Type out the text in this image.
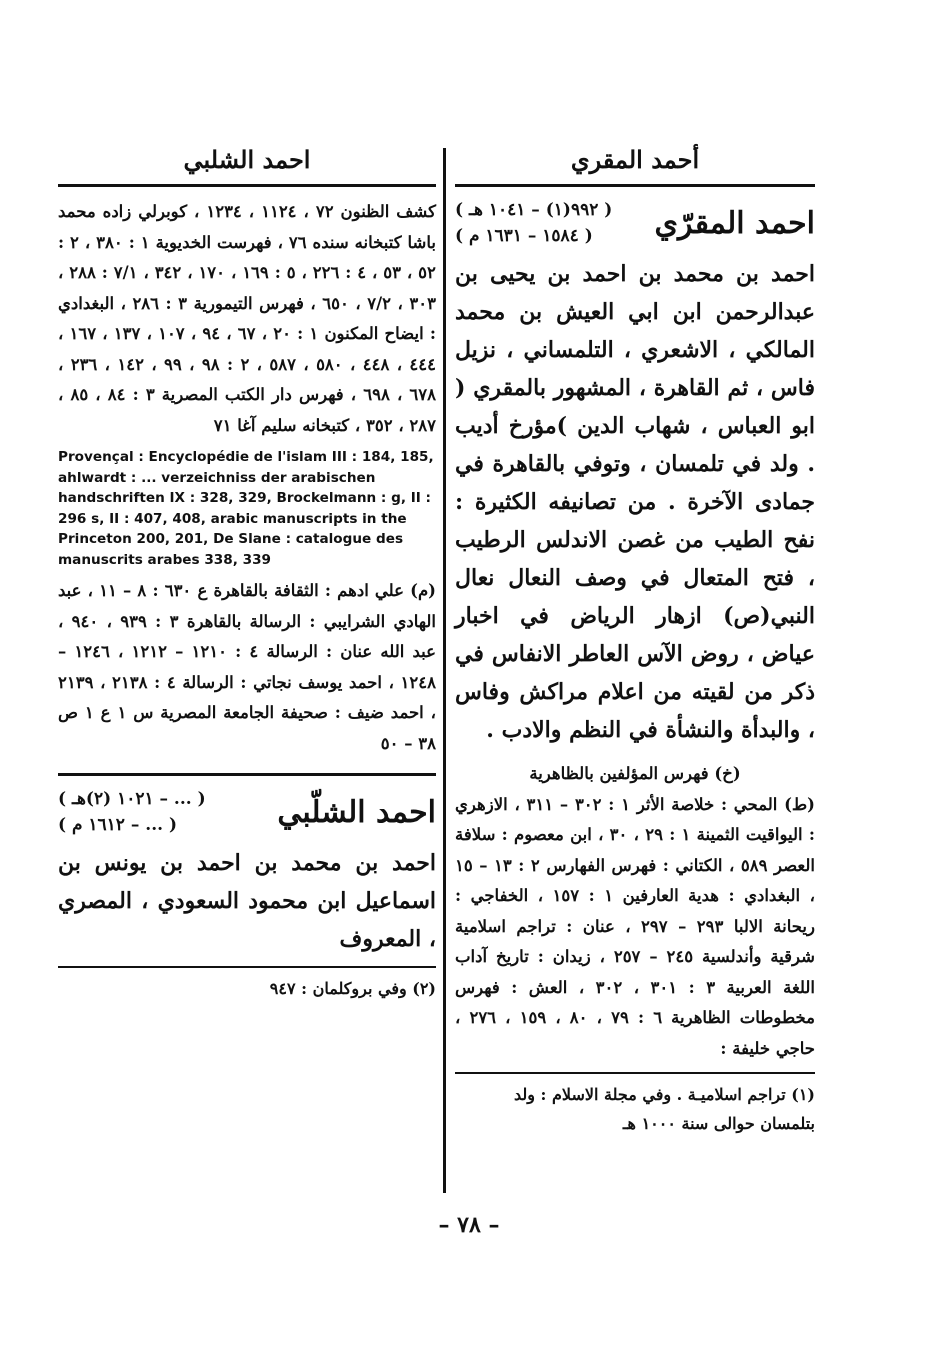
أحمد المقري
احمد المقرّي
( ٩٩٢(١) – ١٠٤١ هـ )
( ١٥٨٤ – ١٦٣١ م )
احمد بن محمد بن احمد بن يحيى بن عبدالرحمن ابن ابي العيش بن محمد المالكي ، الاشعري ، التلمساني ، نزيل فاس ، ثم القاهرة ، المشهور بالمقري ( ابو العباس ، شهاب الدين )مؤرخ أديب . ولد في تلمسان ، وتوفي بالقاهرة في جمادى الآخرة . من تصانيفه الكثيرة : نفح الطيب من غصن الاندلس الرطيب ، فتح المتعال في وصف النعال نعال النبي(ص) ازهار الرياض في اخبار عياض ، روض الآس العاطر الانفاس في ذكر من لقيته من اعلام مراكش وفاس ، والبدأة والنشأة في النظم والادب .
(خ) فهرس المؤلفين بالظاهرية
(ط) المحي : خلاصة الأثر ١ : ٣٠٢ – ٣١١ ، الازهري : اليواقيت الثمينة ١ : ٢٩ ، ٣٠ ، ابن معصوم : سلافة العصر ٥٨٩ ، الكتاني : فهرس الفهارس ٢ : ١٣ – ١٥ ، البغدادي : هدية العارفين ١ : ١٥٧ ، الخفاجي : ريحانة الالبا ٢٩٣ – ٢٩٧ ، عنان : تراجم اسلامية شرقية وأندلسية ٢٤٥ – ٢٥٧ ، زيدان : تاريخ آداب اللغة العربية ٣ : ٣٠١ ، ٣٠٢ ، العش : فهرس مخطوطات الظاهرية ٦ : ٧٩ ، ٨٠ ، ١٥٩ ، ٢٧٦ ، حاجي خليفة :
(١) تراجم اسلاميـة . وفي مجلة الاسلام : ولد بتلمسان حوالى سنة ١٠٠٠ هـ
احمد الشلبي
كشف الظنون ٧٢ ، ١١٢٤ ، ١٢٣٤ ، كوبرلي زاده محمد باشا كتبخانه سنده ٧٦ ، فهرست الخديوية ١ : ٣٨٠ ، ٢ : ٥٢ ، ٥٣ ، ٤ : ٢٢٦ ، ٥ : ١٦٩ ، ١٧٠ ، ٣٤٢ ، ٧/١ : ٢٨٨ ، ٣٠٣ ، ٧/٢ ، ٦٥٠ ، فهرس التيمورية ٣ : ٢٨٦ ، البغدادي : ايضاح المكنون ١ : ٢٠ ، ٦٧ ، ٩٤ ، ١٠٧ ، ١٣٧ ، ١٦٧ ، ٤٤٤ ، ٤٤٨ ، ٥٨٠ ، ٥٨٧ ، ٢ : ٩٨ ، ٩٩ ، ١٤٢ ، ٢٣٦ ، ٦٧٨ ، ٦٩٨ ، فهرس دار الكتب المصرية ٣ : ٨٤ ، ٨٥ ، ٢٨٧ ، ٣٥٢ ، كتبخانه سليم آغا ٧١
Provençal : Encyclopédie de l'islam III : 184, 185, ahlwardt : ... verzeichniss der arabischen handschriften IX : 328, 329, Brockelmann : g, II : 296 s, II : 407, 408, arabic manuscripts in the Princeton 200, 201, De Slane : catalogue des manuscrits arabes 338, 339
(م) علي ادهم : الثقافة بالقاهرة ع ٦٣٠ : ٨ – ١١ ، عبد الهادي الشرايبي : الرسالة بالقاهرة ٣ : ٩٣٩ ، ٩٤٠ ، عبد الله عنان : الرسالة ٤ : ١٢١٠ – ١٢١٢ ، ١٢٤٦ – ١٢٤٨ ، احمد يوسف نجاتي : الرسالة ٤ : ٢١٣٨ ، ٢١٣٩ ، احمد ضيف : صحيفة الجامعة المصرية س ١ ع ١ ص ٣٨ – ٥٠
احمد الشلّبي
( ... – ١٠٢١ (٢)هـ )
( ... – ١٦١٢ م )
احمد بن محمد بن احمد بن يونس بن اسماعيل ابن محمود السعودي ، المصري ، المعروف
(٢) وفي بروكلمان : ٩٤٧
– ٧٨ –
